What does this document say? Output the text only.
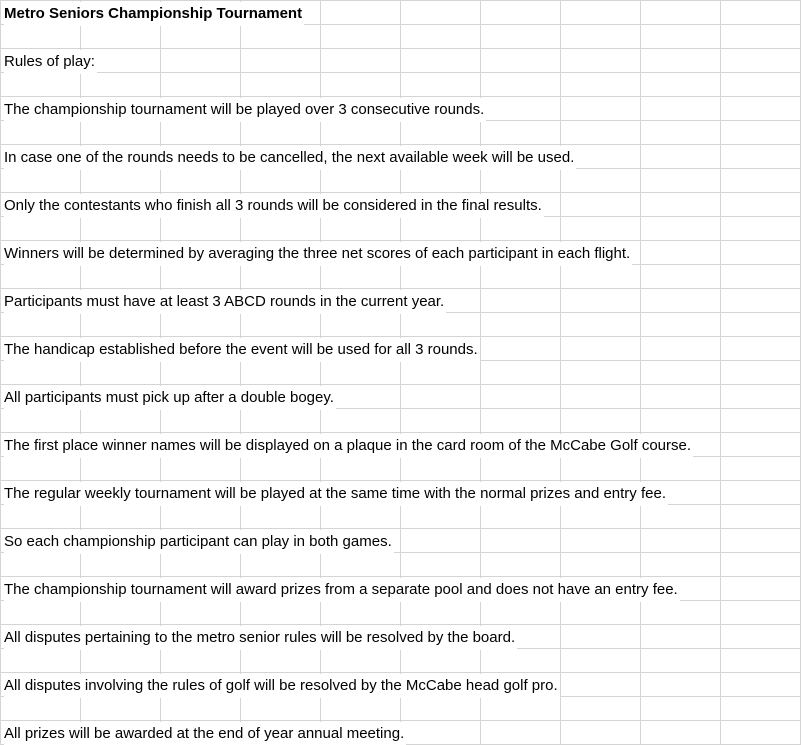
Metro Seniors Championship Tournament
Rules of play:
The championship tournament will be played over 3 consecutive rounds.
In case one of the rounds needs to be cancelled, the next available week will be used.
Only the contestants who finish all 3 rounds will be considered in the final results.
Winners will be determined by averaging the three net scores of each participant in each flight.
Participants must have at least 3 ABCD rounds in the current year.
The handicap established before the event will be used for all 3 rounds.
All participants must pick up after a double bogey.
The first place winner names will be displayed on a plaque in the card room of the McCabe Golf course.
The regular weekly tournament will be played at the same time with the normal prizes and entry fee.
So each championship participant can play in both games.
The championship tournament will award prizes from a separate pool and does not have an entry fee.
All disputes pertaining to the metro senior rules will be resolved by the board.
All disputes involving the rules of golf will be resolved by the McCabe head golf pro.
All prizes will be awarded at the end of year annual meeting.
